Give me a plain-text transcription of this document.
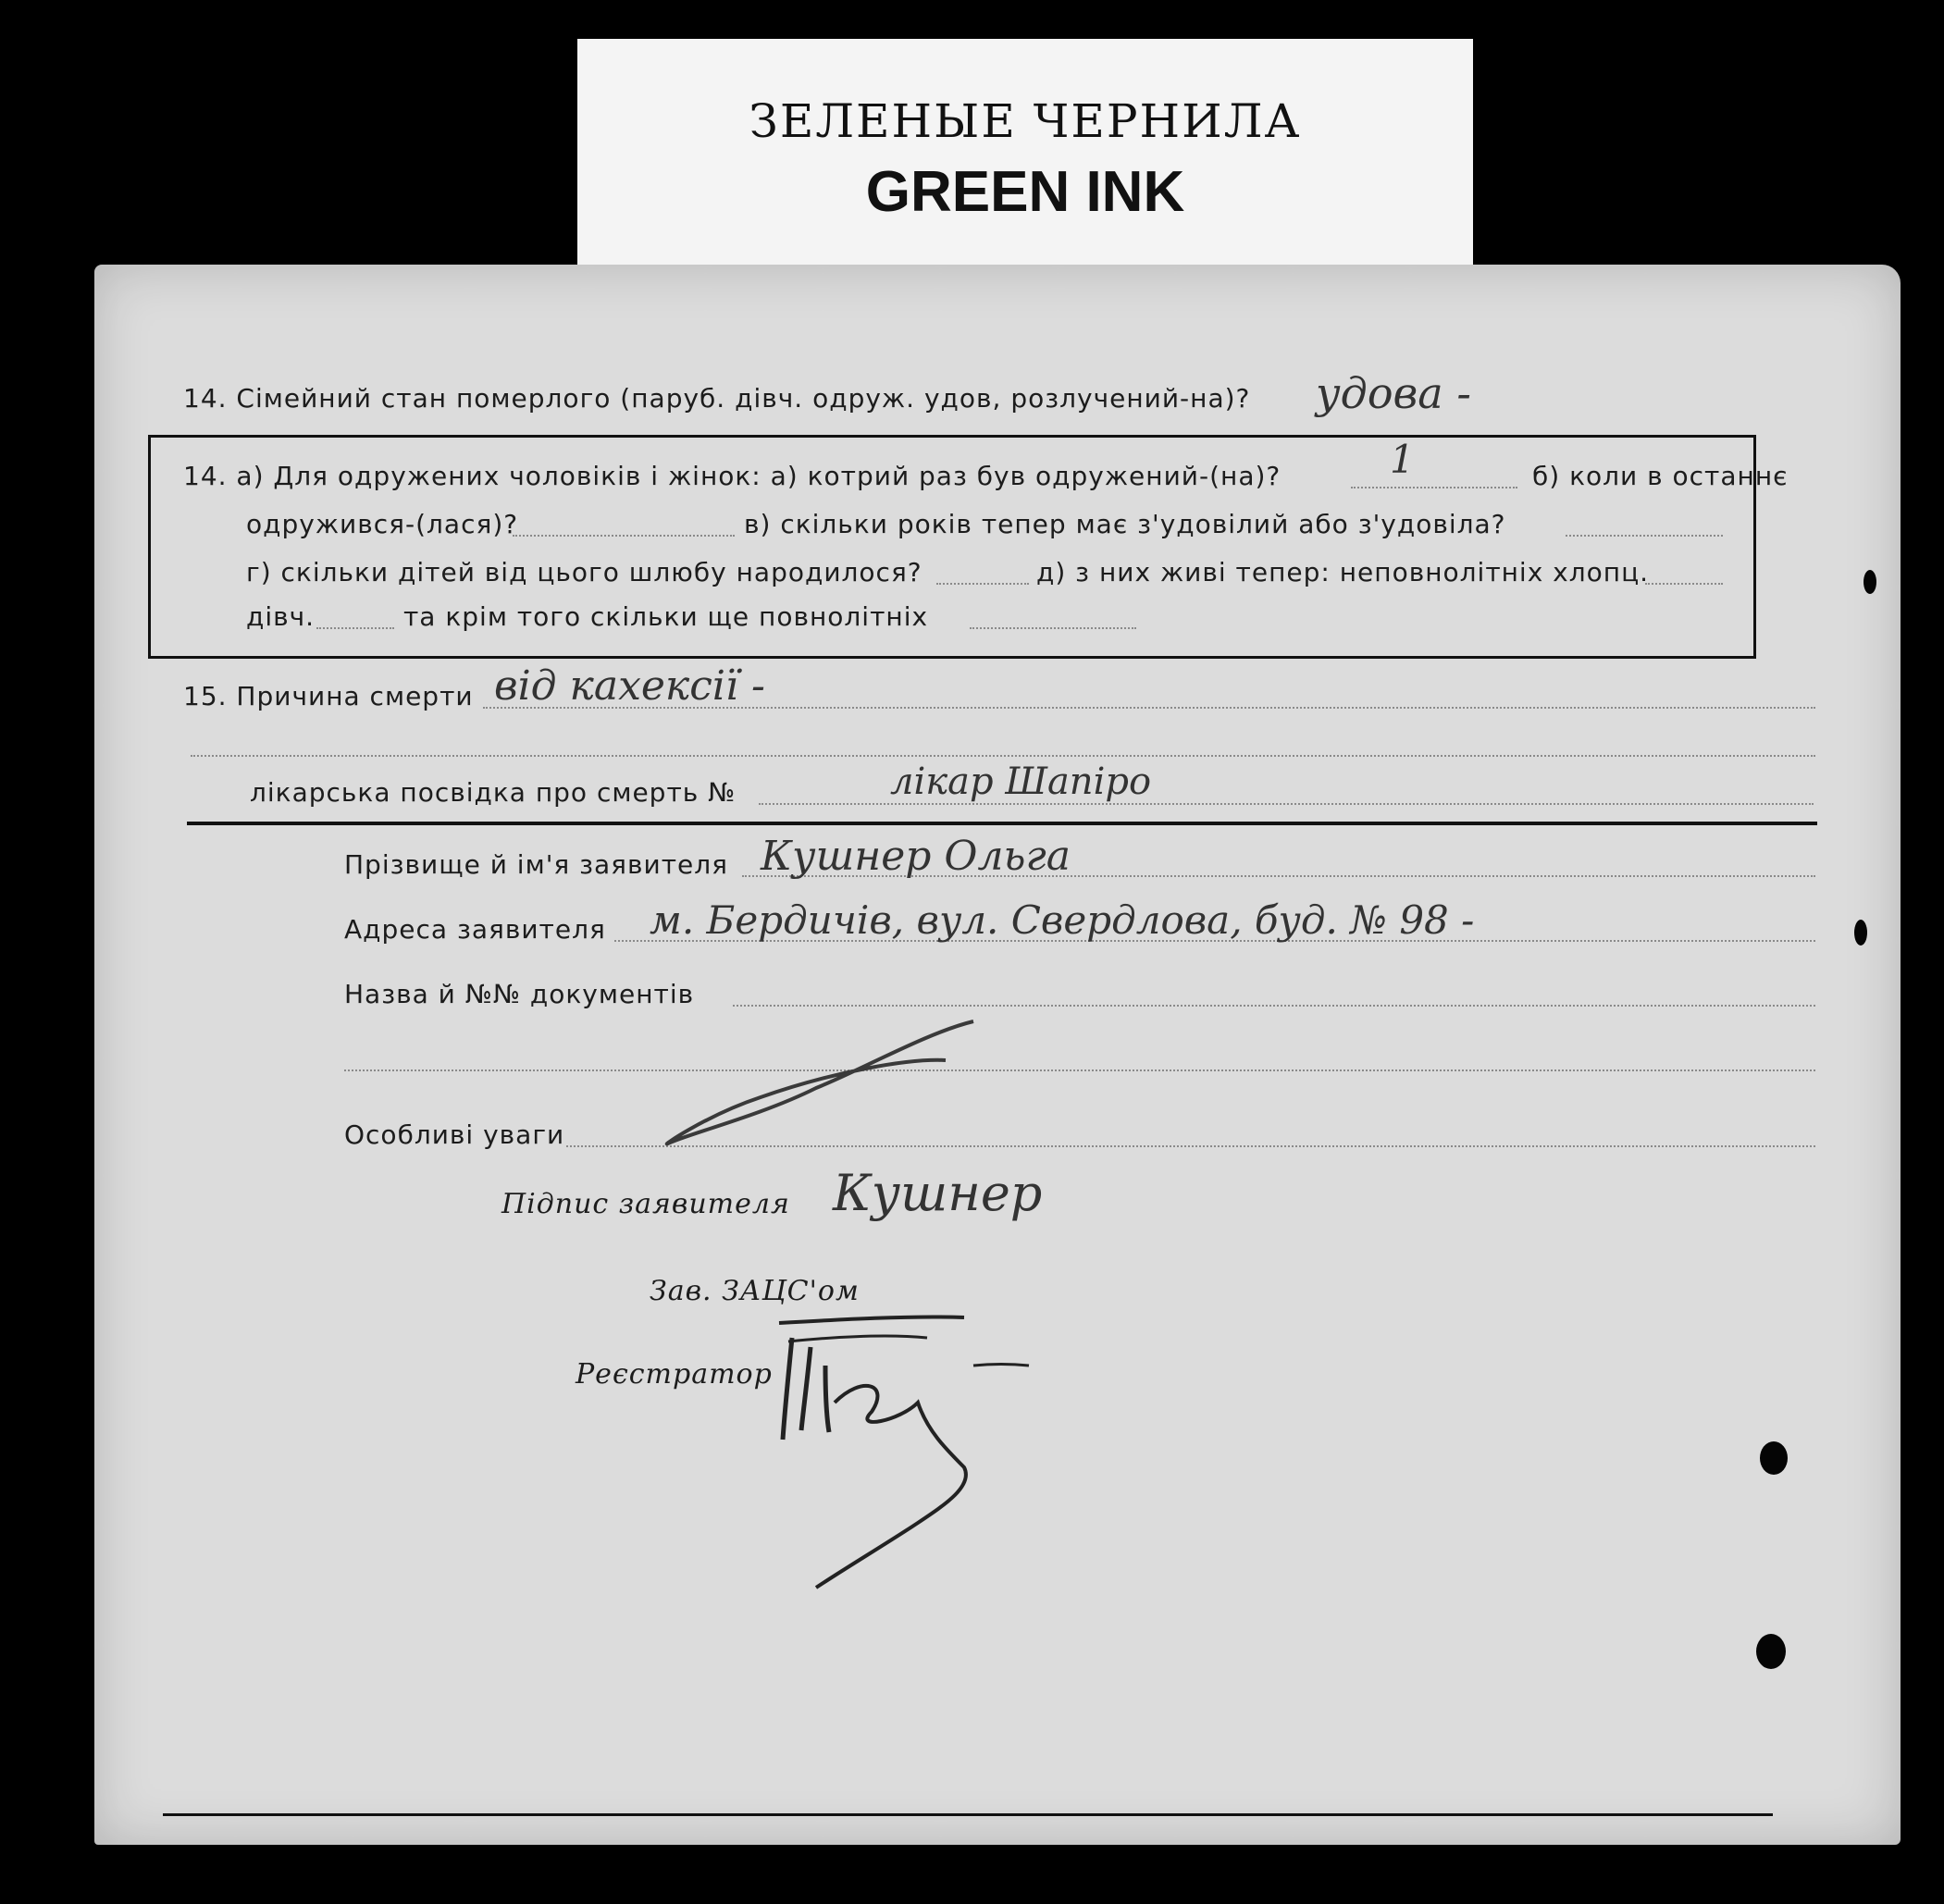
ЗЕЛЕНЫЕ ЧЕРНИЛА
GREEN INK
14. Сімейний стан померлого (паруб. дівч. одруж. удов, розлучений-на)? удова -
14. а) Для одружених чоловіків і жінок: а) котрий раз був одружений-(на)?	1	б) коли в останнє
одружився-(лася)?	в) скільки років тепер має з'удовілий або з'удовіла?
г) скільки дітей від цього шлюбу народилося?	д) з них живі тепер: неповнолітніх хлопц.
дівч.	та крім того скільки ще повнолітніх
15. Причина смерти від кахексії -
лікарська посвідка про смерть №	лікар Шапіро
Прізвище й ім'я заявителя Кушнер Ольга
Адреса заявителя м. Бердичів, вул. Свердлова, буд. № 98 -
Назва й №№ документів
Особливі уваги
Підпис заявителя Кушнер
Зав. ЗАЦС'ом
Реєстратор
